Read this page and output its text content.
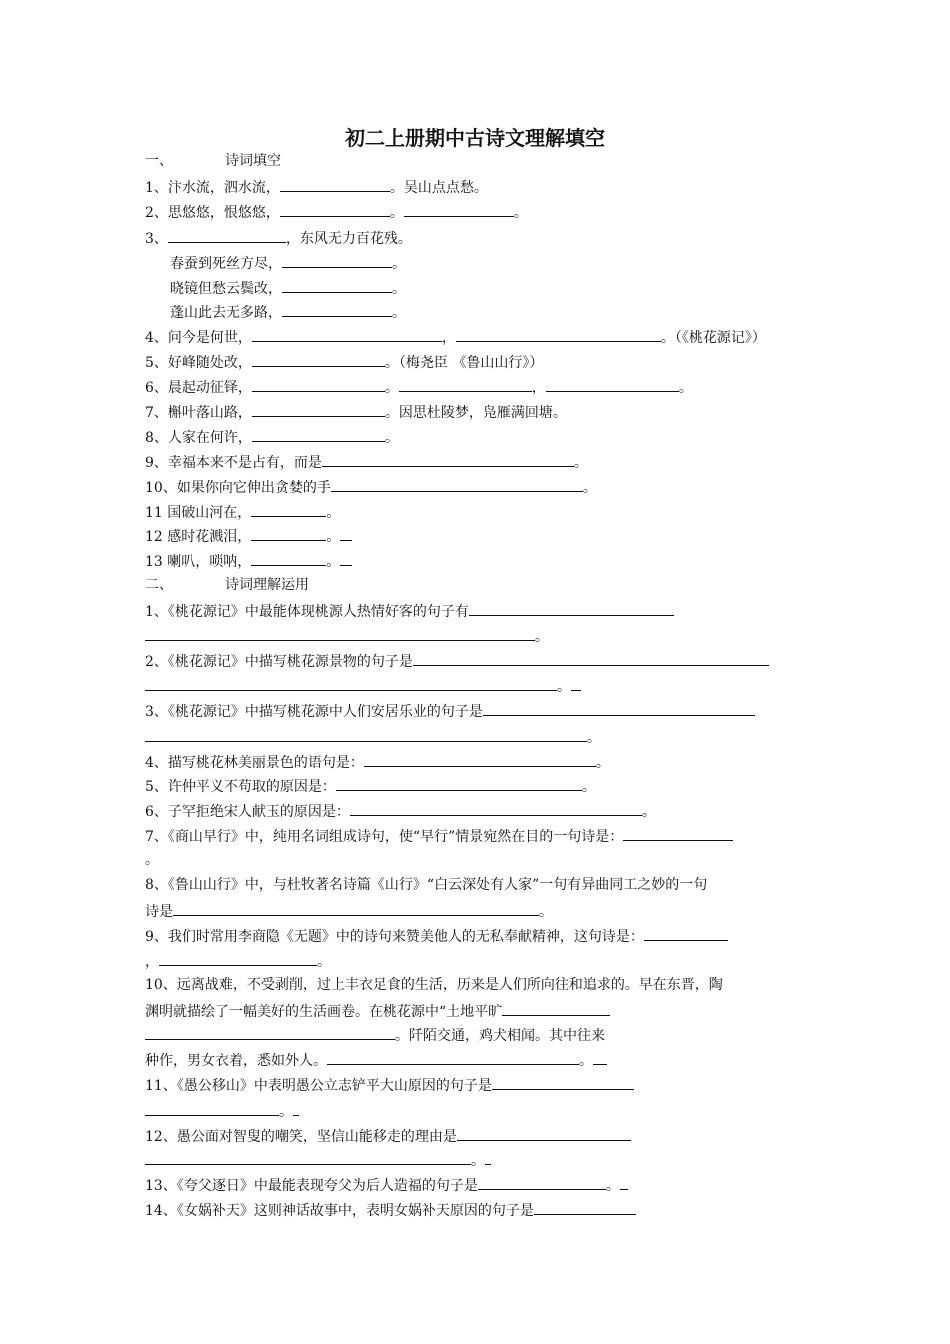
初二上册期中古诗文理解填空
一、	诗词填空
1、汴水流，泗水流，	。吴山点点愁。
2、思悠悠，恨悠悠，	。	。
3、	，东风无力百花残。
春蚕到死丝方尽，	。
晓镜但愁云鬓改，	。
蓬山此去无多路，	。
4、问今是何世，	，	。（《桃花源记》）
5、好峰随处改，	。（梅尧臣 《鲁山山行》）
6、晨起动征铎，	。	，	。
7、槲叶落山路，	。因思杜陵梦，凫雁满回塘。
8、人家在何许，	。
9、幸福本来不是占有，而是	。
10、如果你向它伸出贪婪的手	。
11 国破山河在，	。
12 感时花溅泪，	。
13 喇叭，唢呐，	。
二、	诗词理解运用
1、《桃花源记》中最能体现桃源人热情好客的句子有
。
2、《桃花源记》中描写桃花源景物的句子是
。
3、《桃花源记》中描写桃花源中人们安居乐业的句子是
。
4、描写桃花林美丽景色的语句是：	。
5、许仲平义不苟取的原因是：	。
6、子罕拒绝宋人献玉的原因是：	。
7、《商山早行》中，纯用名词组成诗句，使“早行”情景宛然在目的一句诗是：
。
8、《鲁山山行》中，与杜牧著名诗篇《山行》“白云深处有人家”一句有异曲同工之妙的一句
诗是	。
9、我们时常用李商隐《无题》中的诗句来赞美他人的无私奉献精神，这句诗是：
，	。
10、远离战难，不受剥削，过上丰衣足食的生活，历来是人们所向往和追求的。早在东晋，陶
渊明就描绘了一幅美好的生活画卷。在桃花源中“土地平旷
。阡陌交通，鸡犬相闻。其中往来
种作，男女衣着，悉如外人。	。
11、《愚公移山》中表明愚公立志铲平大山原因的句子是
。
12、愚公面对智叟的嘲笑，坚信山能移走的理由是
。
13、《夸父逐日》中最能表现夸父为后人造福的句子是	。
14、《女娲补天》这则神话故事中，表明女娲补天原因的句子是
